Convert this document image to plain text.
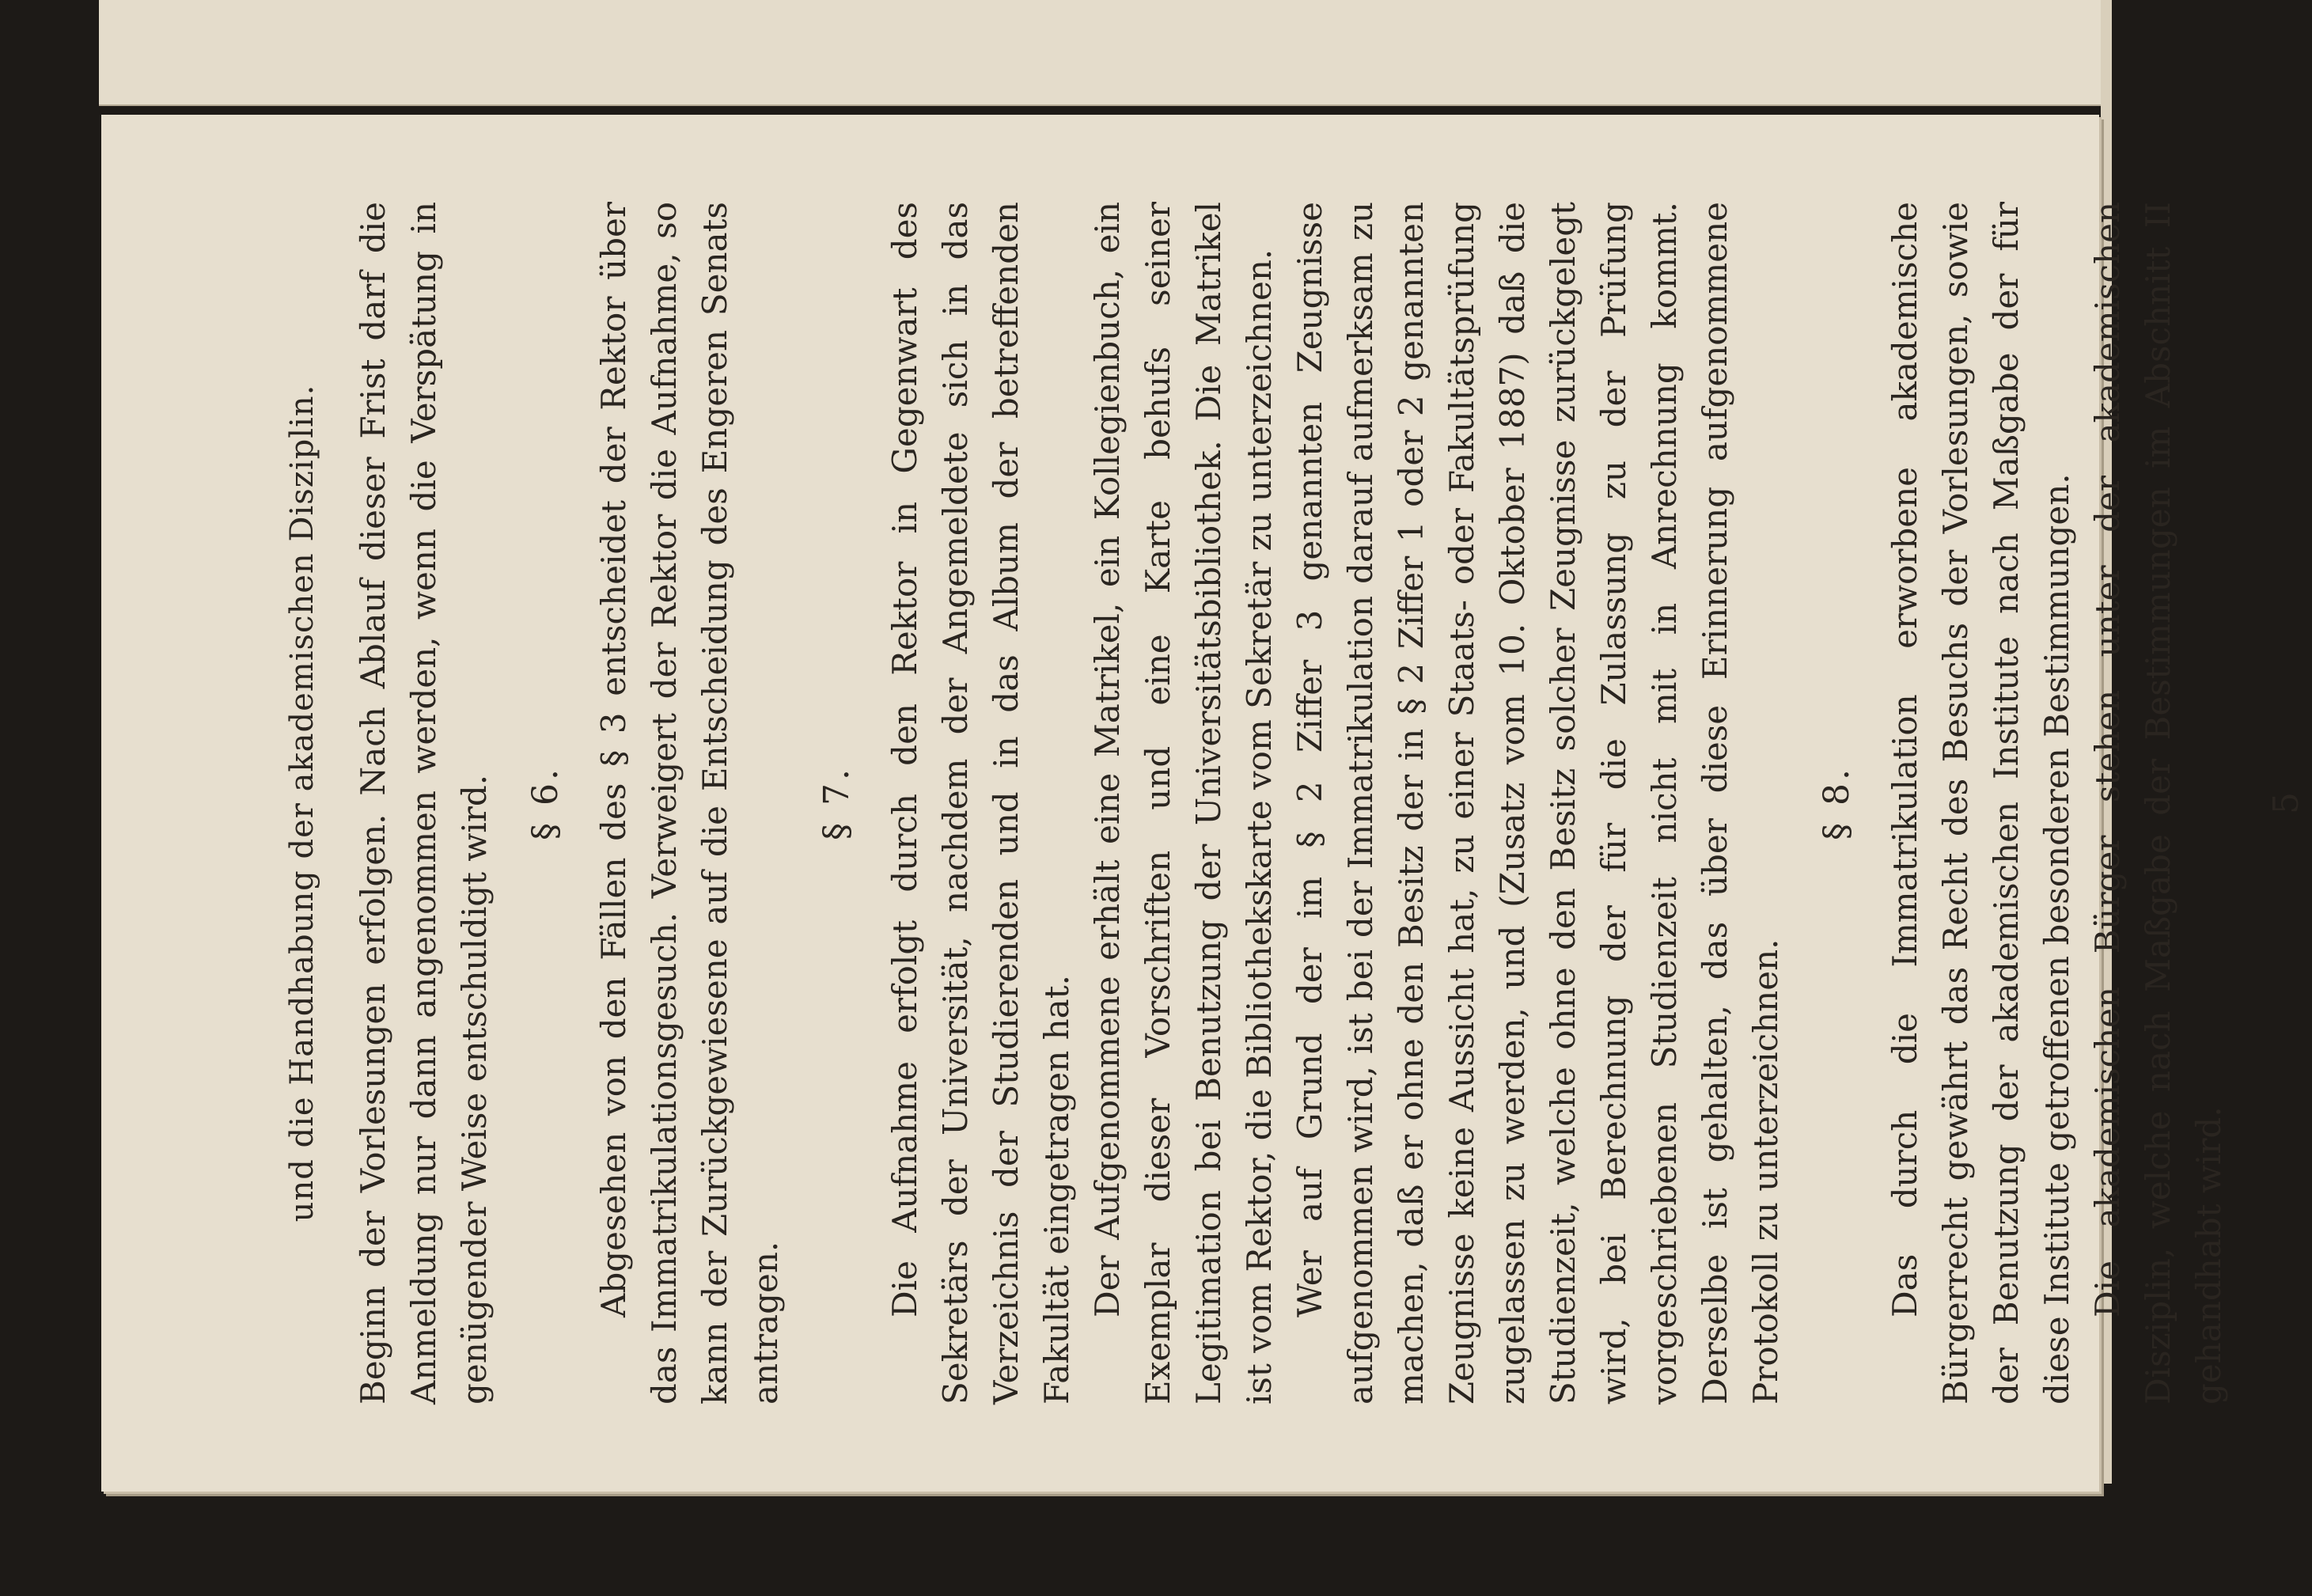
und die Handhabung der akademischen Disziplin. Beginn der Vorlesungen erfolgen. Nach Ablauf dieser Frist darf die Anmeldung nur dann angenommen werden, wenn die Verspätung in genügender Weise entschuldigt wird. § 6. Abgesehen von den Fällen des § 3 entscheidet der Rektor über das Immatrikulationsgesuch. Verweigert der Rektor die Aufnahme, so kann der Zurückgewiesene auf die Entscheidung des Engeren Senats antragen.

§ 7. Die Aufnahme erfolgt durch den Rektor in Gegenwart des Sekretärs der Universität, nachdem der Angemeldete sich in das Verzeichnis der Studierenden und in das Album der betreffenden Fakultät eingetragen hat. Der Aufgenommene erhält eine Matrikel, ein Kollegienbuch, ein Exemplar dieser Vorschriften und eine Karte behufs seiner Legitimation bei Benutzung der Universitätsbibliothek. Die Matrikel ist vom Rektor, die Bibliothekskarte vom Sekretär zu unterzeichnen. Wer auf Grund der im § 2 Ziffer 3 genannten Zeugnisse aufgenommen wird, ist bei der Immatrikulation darauf aufmerksam zu machen, daß er ohne den Besitz der in § 2 Ziffer 1 oder 2 genannten Zeugnisse keine Aussicht hat, zu einer Staats- oder Fakultätsprüfung zugelassen zu werden, und (Zusatz vom 10. Oktober 1887) daß die Studienzeit, welche ohne den Besitz solcher Zeugnisse zurückgelegt wird, bei Berechnung der für die Zulassung zu der Prüfung vorgeschriebenen Studienzeit nicht mit in Anrechnung kommt. Derselbe ist gehalten, das über diese Erinnerung aufgenommene Protokoll zu unterzeichnen.

§ 8. Das durch die Immatrikulation erworbene akademische Bürgerrecht gewährt das Recht des Besuchs der Vorlesungen, sowie der Benutzung der akademischen Institute nach Maßgabe der für diese Institute getroffenen besonderen Bestimmungen. Die akademischen Bürger stehen unter der akademischen Disziplin, welche nach Maßgabe der Bestimmungen im Abschnitt II gehandhabt wird.

5
